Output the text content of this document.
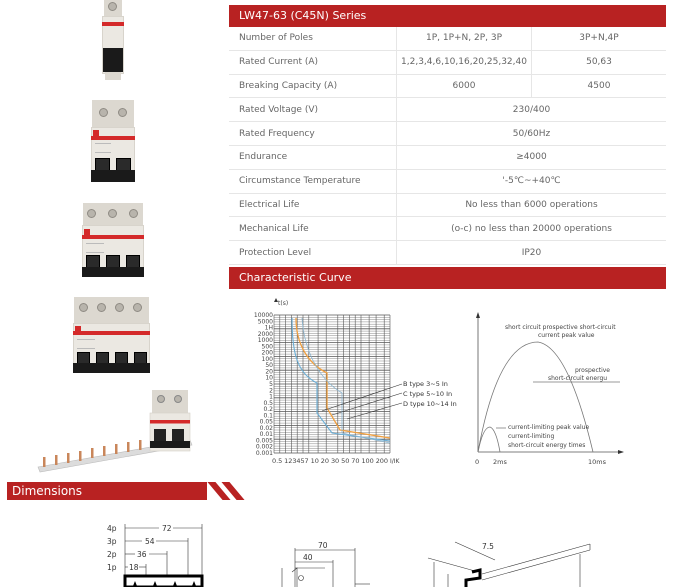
LW47-63 (C45N) Series
Number of Poles	1P, 1P+N, 2P, 3P	3P+N,4P
Rated Current (A)	1,2,3,4,6,10,16,20,25,32,40	50,63
Breaking Capacity (A)	6000	4500
Rated Voltage (V)	230/400
Rated Frequency	50/60Hz
Endurance	≥4000
Circumstance Temperature	'-5℃~+40℃
Electrical Life	No less than 6000 operations
Mechanical Life	(o-c) no less than 20000 operations
Protection Level	IP20
Characteristic Curve
t(s)
10000
5000
1H
2000
1000
500
200
100
50
20
10
5
2
1
0.5
0.2
0.1
0.05
0.02
0.01
0.005
0.002
0.001
0.5 123457 10 20 30 50 70 100 200
B type 3~5 In
C type 5~10 In
D type 10~14 In
I/IK
short circuit prospective short-circuit
current peak value
prospective
short-circuit energu
current-limiting peak value
current-limiting
short-circuit energy times
0 2ms	10ms
Dimensions
4p
3p
2p
1p
72
54
36
18
70
40
7.5
